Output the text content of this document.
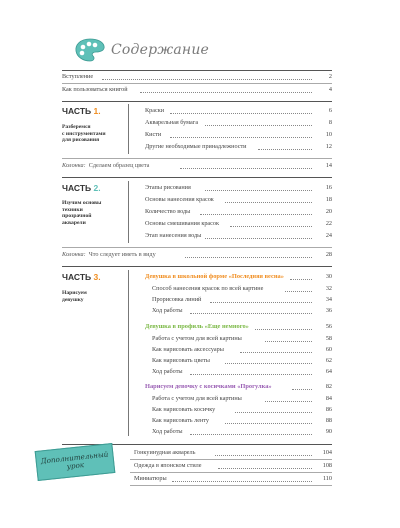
Содержание
Вступление	2
Как пользоваться книгой	4
ЧАСТЬ 1.
Разберемся
с инструментами
для рисования
Краски	6
Акварельная бумага	8
Кисти	10
Другие необходимые принадлежности	12
Колонка: Сделаем образец цвета	14
ЧАСТЬ 2.
Изучим основы
техники
прозрачной
акварели
Этапы рисования	16
Основы нанесения красок	18
Количество воды	20
Основы смешивания красок	22
Этап нанесения воды	24
Колонка: Что следует иметь в виду	28
ЧАСТЬ 3.
Нарисуем
девушку
Девушка в школьной форме «Последняя весна»	30
Способ нанесения красок по всей картине	32
Прорисовка линий	34
Ход работы	36
Девушка в профиль «Еще немного»	56
Работа с учетом для всей картины	58
Как нарисовать аксессуары	60
Как нарисовать цветы	62
Ход работы	64
Нарисуем девочку с косичками «Прогулка»	82
Работа с учетом для всей картины	84
Как нарисовать косичку	86
Как нарисовать ленту	88
Ход работы	90
Дополнительный урок
Гонкуинудная акварель	104
Одежда в японском стиле	108
Миниатюры	110
